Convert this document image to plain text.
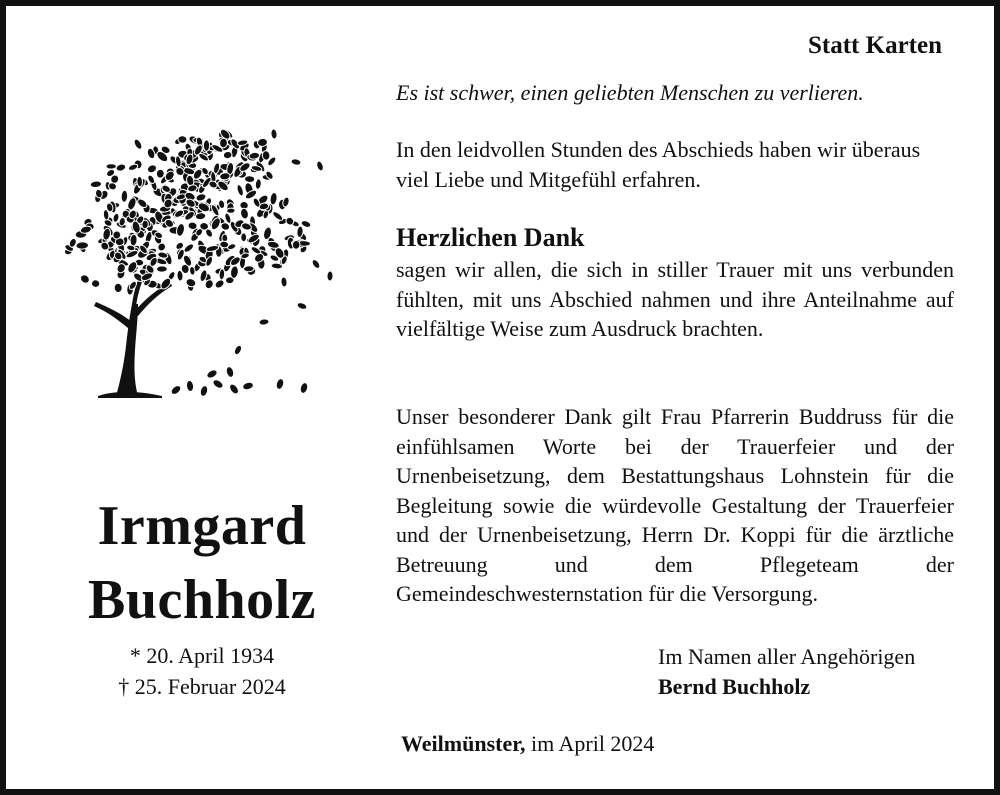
Statt Karten
Irmgard
Buchholz
* 20. April 1934
† 25. Februar 2024
Es ist schwer, einen geliebten Menschen zu verlieren.
In den leidvollen Stunden des Abschieds haben wir überaus viel Liebe und Mitgefühl erfahren.
Herzlichen Dank
sagen wir allen, die sich in stiller Trauer mit uns verbunden fühlten, mit uns Abschied nahmen und ihre Anteilnahme auf vielfältige Weise zum Ausdruck brachten.
Unser besonderer Dank gilt Frau Pfarrerin Buddruss für die einfühlsamen Worte bei der Trauerfeier und der Urnenbeisetzung, dem Bestattungshaus Lohnstein für die Begleitung sowie die würdevolle Gestaltung der Trauerfeier und der Urnenbeisetzung, Herrn Dr. Koppi für die ärztliche Betreuung und dem Pflegeteam der Gemeindeschwesternstation für die Versorgung.
Im Namen aller Angehörigen
Bernd Buchholz
Weilmünster, im April 2024
